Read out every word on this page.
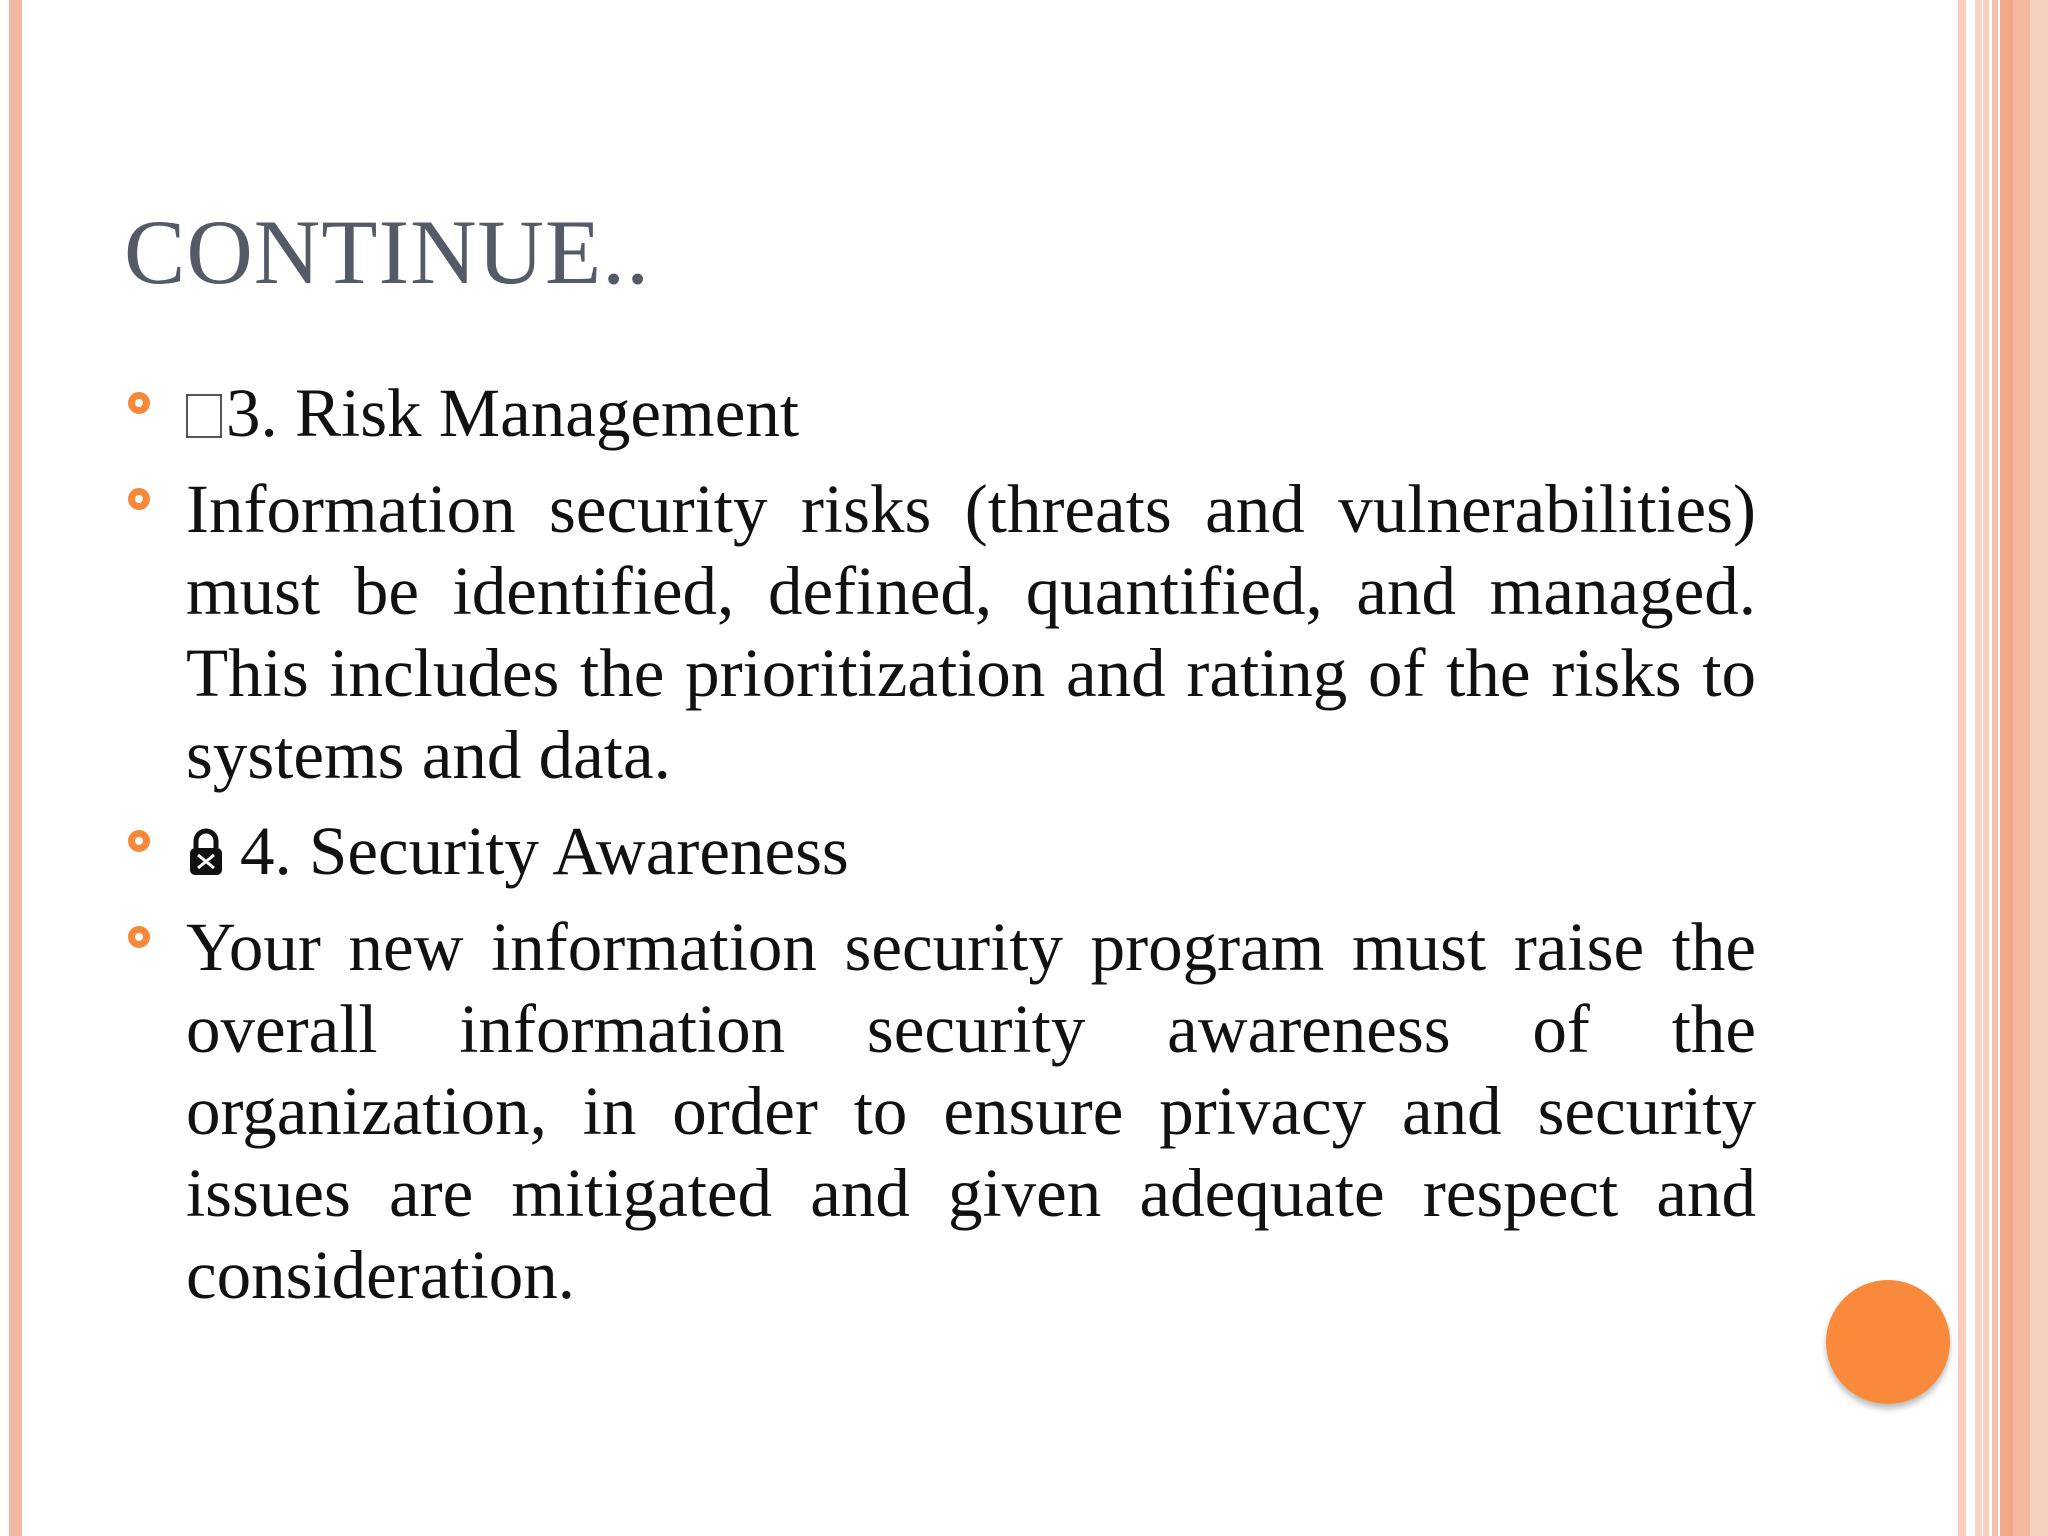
CONTINUE..
3. Risk Management
Information security risks (threats and vulnerabilities) must be identified, defined, quantified, and managed. This includes the prioritization and rating of the risks to systems and data.
4. Security Awareness
Your new information security program must raise the overall information security awareness of the organization, in order to ensure privacy and security issues are mitigated and given adequate respect and consideration.
